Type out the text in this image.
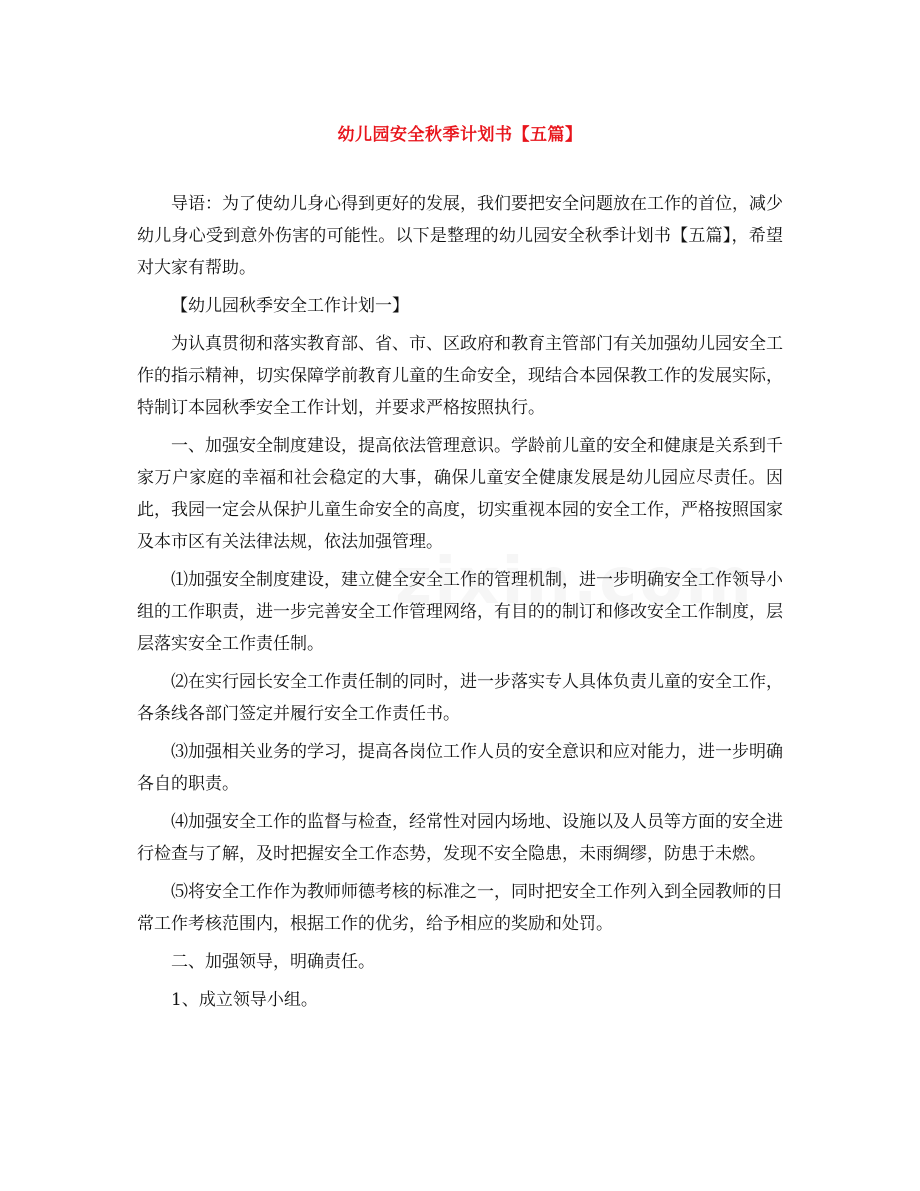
幼儿园安全秋季计划书【五篇】

导语：为了使幼儿身心得到更好的发展，我们要把安全问题放在工作的首位，减少幼儿身心受到意外伤害的可能性。以下是整理的幼儿园安全秋季计划书【五篇】，希望对大家有帮助。

【幼儿园秋季安全工作计划一】

为认真贯彻和落实教育部、省、市、区政府和教育主管部门有关加强幼儿园安全工作的指示精神，切实保障学前教育儿童的生命安全，现结合本园保教工作的发展实际，特制订本园秋季安全工作计划，并要求严格按照执行。

一、加强安全制度建设，提高依法管理意识。学龄前儿童的安全和健康是关系到千家万户家庭的幸福和社会稳定的大事，确保儿童安全健康发展是幼儿园应尽责任。因此，我园一定会从保护儿童生命安全的高度，切实重视本园的安全工作，严格按照国家及本市区有关法律法规，依法加强管理。

⑴加强安全制度建设，建立健全安全工作的管理机制，进一步明确安全工作领导小组的工作职责，进一步完善安全工作管理网络，有目的的制订和修改安全工作制度，层层落实安全工作责任制。

⑵在实行园长安全工作责任制的同时，进一步落实专人具体负责儿童的安全工作，各条线各部门签定并履行安全工作责任书。

⑶加强相关业务的学习，提高各岗位工作人员的安全意识和应对能力，进一步明确各自的职责。

⑷加强安全工作的监督与检查，经常性对园内场地、设施以及人员等方面的安全进行检查与了解，及时把握安全工作态势，发现不安全隐患，未雨绸缪，防患于未燃。

⑸将安全工作作为教师师德考核的标准之一，同时把安全工作列入到全园教师的日常工作考核范围内，根据工作的优劣，给予相应的奖励和处罚。

二、加强领导，明确责任。

1、成立领导小组。
